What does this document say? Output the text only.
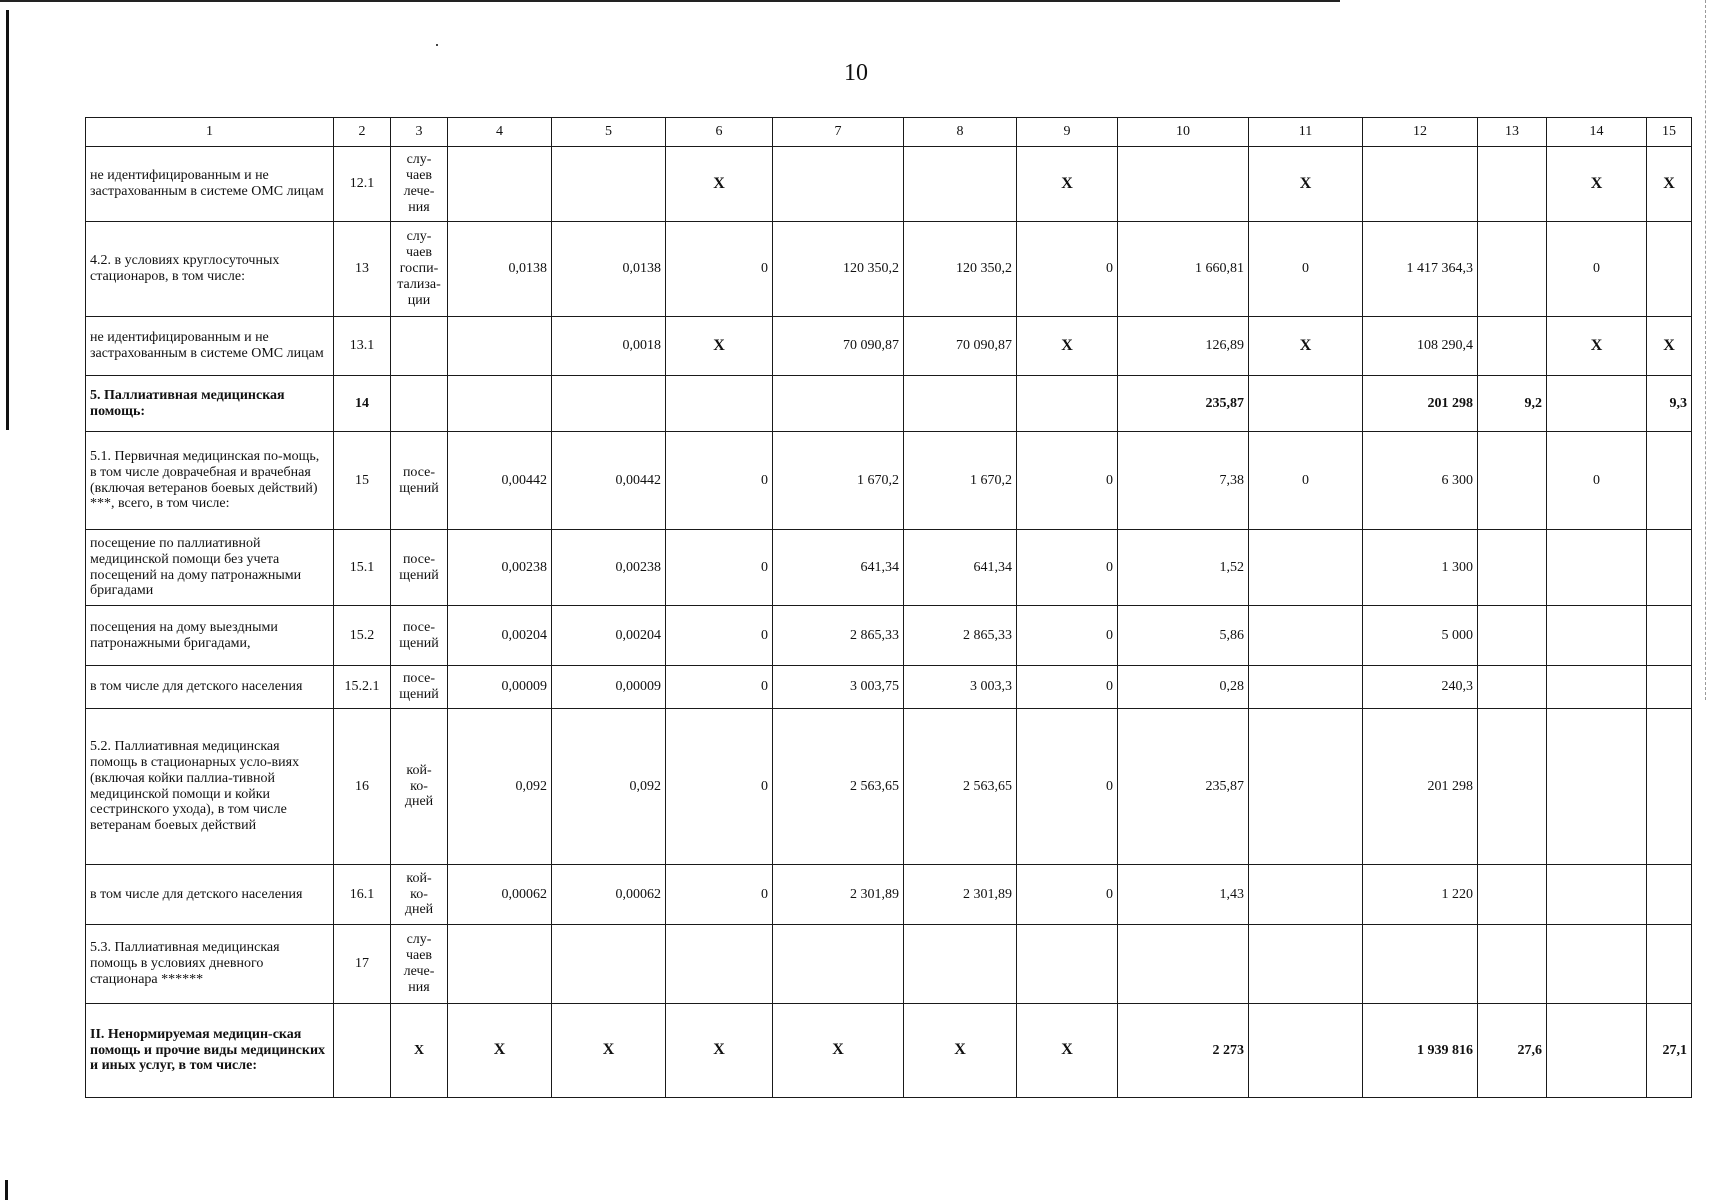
10
1	2	3	4	5	6	7	8	9	10	11	12	13	14	15
не идентифицированным и не застрахованным в системе ОМС лицам	12.1	слу-
чаев
лече-
ния			Х			Х		Х			Х	Х
4.2. в условиях круглосуточных стационаров, в том числе:	13	слу-
чаев
госпи-
тализа-
ции	0,0138	0,0138	0	120 350,2	120 350,2	0	1 660,81	0	1 417 364,3		0	
не идентифицированным и не застрахованным в системе ОМС лицам	13.1			0,0018	Х	70 090,87	70 090,87	Х	126,89	Х	108 290,4		Х	Х
5. Паллиативная медицинская помощь:	14								235,87		201 298	9,2		9,3
5.1. Первичная медицинская по-мощь, в том числе доврачебная и врачебная (включая ветеранов боевых действий) ***, всего, в том числе:	15	посе-
щений	0,00442	0,00442	0	1 670,2	1 670,2	0	7,38	0	6 300		0	
посещение по паллиативной медицинской помощи без учета посещений на дому патронажными бригадами	15.1	посе-
щений	0,00238	0,00238	0	641,34	641,34	0	1,52		1 300			
посещения на дому выездными патронажными бригадами,	15.2	посе-
щений	0,00204	0,00204	0	2 865,33	2 865,33	0	5,86		5 000			
в том числе для детского населения	15.2.1	посе-
щений	0,00009	0,00009	0	3 003,75	3 003,3	0	0,28		240,3			
5.2. Паллиативная медицинская помощь в стационарных усло-виях (включая койки паллиа-тивной медицинской помощи и койки сестринского ухода), в том числе ветеранам боевых действий	16	кой-
ко-
дней	0,092	0,092	0	2 563,65	2 563,65	0	235,87		201 298			
в том числе для детского населения	16.1	кой-
ко-
дней	0,00062	0,00062	0	2 301,89	2 301,89	0	1,43		1 220			
5.3. Паллиативная медицинская помощь в условиях дневного стационара ******	17	слу-
чаев
лече-
ния												
II. Ненормируемая медицин-ская помощь и прочие виды медицинских и иных услуг, в том числе:		Х	Х	Х	Х	Х	Х	Х	2 273		1 939 816	27,6		27,1
